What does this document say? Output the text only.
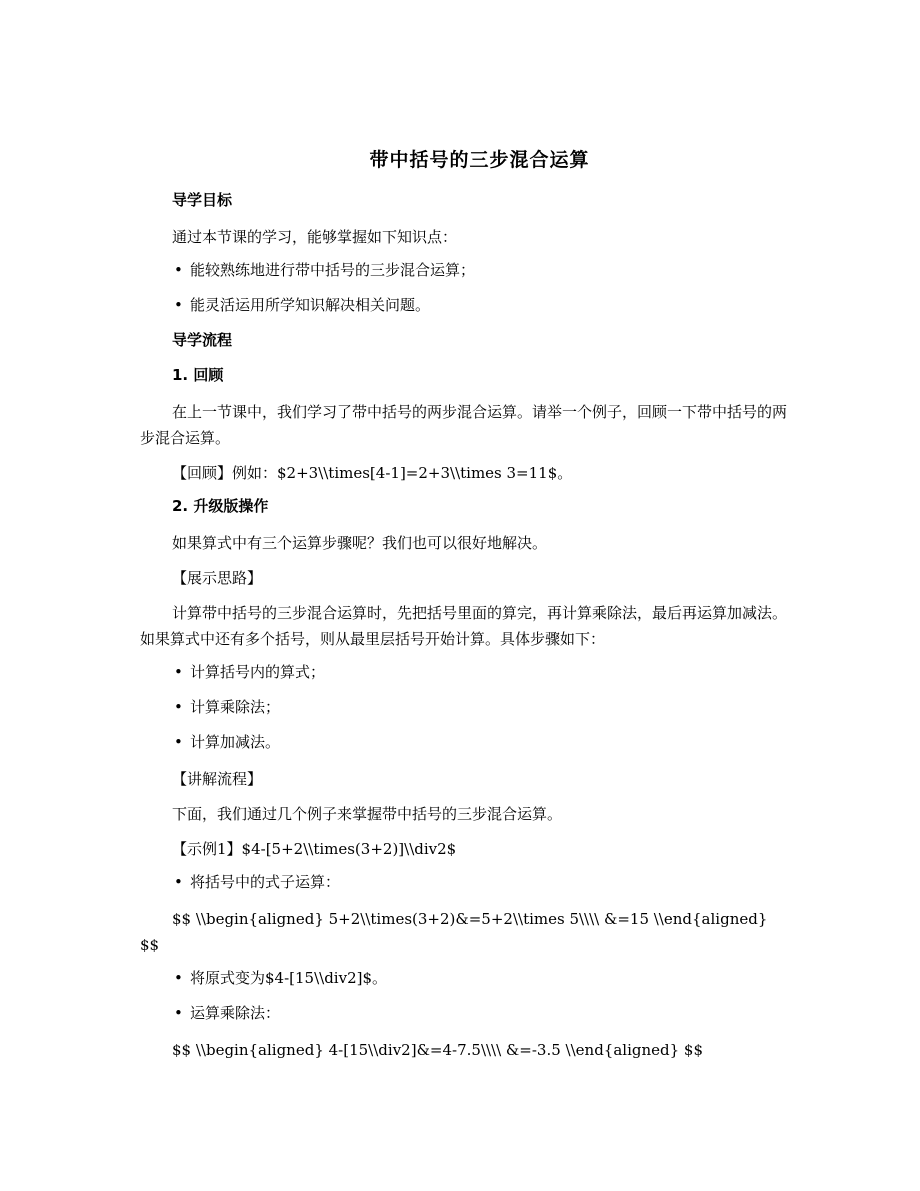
带中括号的三步混合运算
导学目标
通过本节课的学习，能够掌握如下知识点：
• 能较熟练地进行带中括号的三步混合运算；
• 能灵活运用所学知识解决相关问题。
导学流程
1. 回顾
在上一节课中，我们学习了带中括号的两步混合运算。请举一个例子，回顾一下带中括号的两步混合运算。
【回顾】例如：$2+3\\times[4-1]=2+3\\times 3=11$。
2. 升级版操作
如果算式中有三个运算步骤呢？我们也可以很好地解决。
【展示思路】
计算带中括号的三步混合运算时，先把括号里面的算完，再计算乘除法，最后再运算加减法。如果算式中还有多个括号，则从最里层括号开始计算。具体步骤如下：
• 计算括号内的算式；
• 计算乘除法；
• 计算加减法。
【讲解流程】
下面，我们通过几个例子来掌握带中括号的三步混合运算。
【示例1】$4-[5+2\\times(3+2)]\\div2$
• 将括号中的式子运算：
$$ \\begin{aligned} 5+2\\times(3+2)&=5+2\\times 5\\\\ &=15 \\end{aligned} $$
• 将原式变为$4-[15\\div2]$。
• 运算乘除法：
$$ \\begin{aligned} 4-[15\\div2]&=4-7.5\\\\ &=-3.5 \\end{aligned} $$
